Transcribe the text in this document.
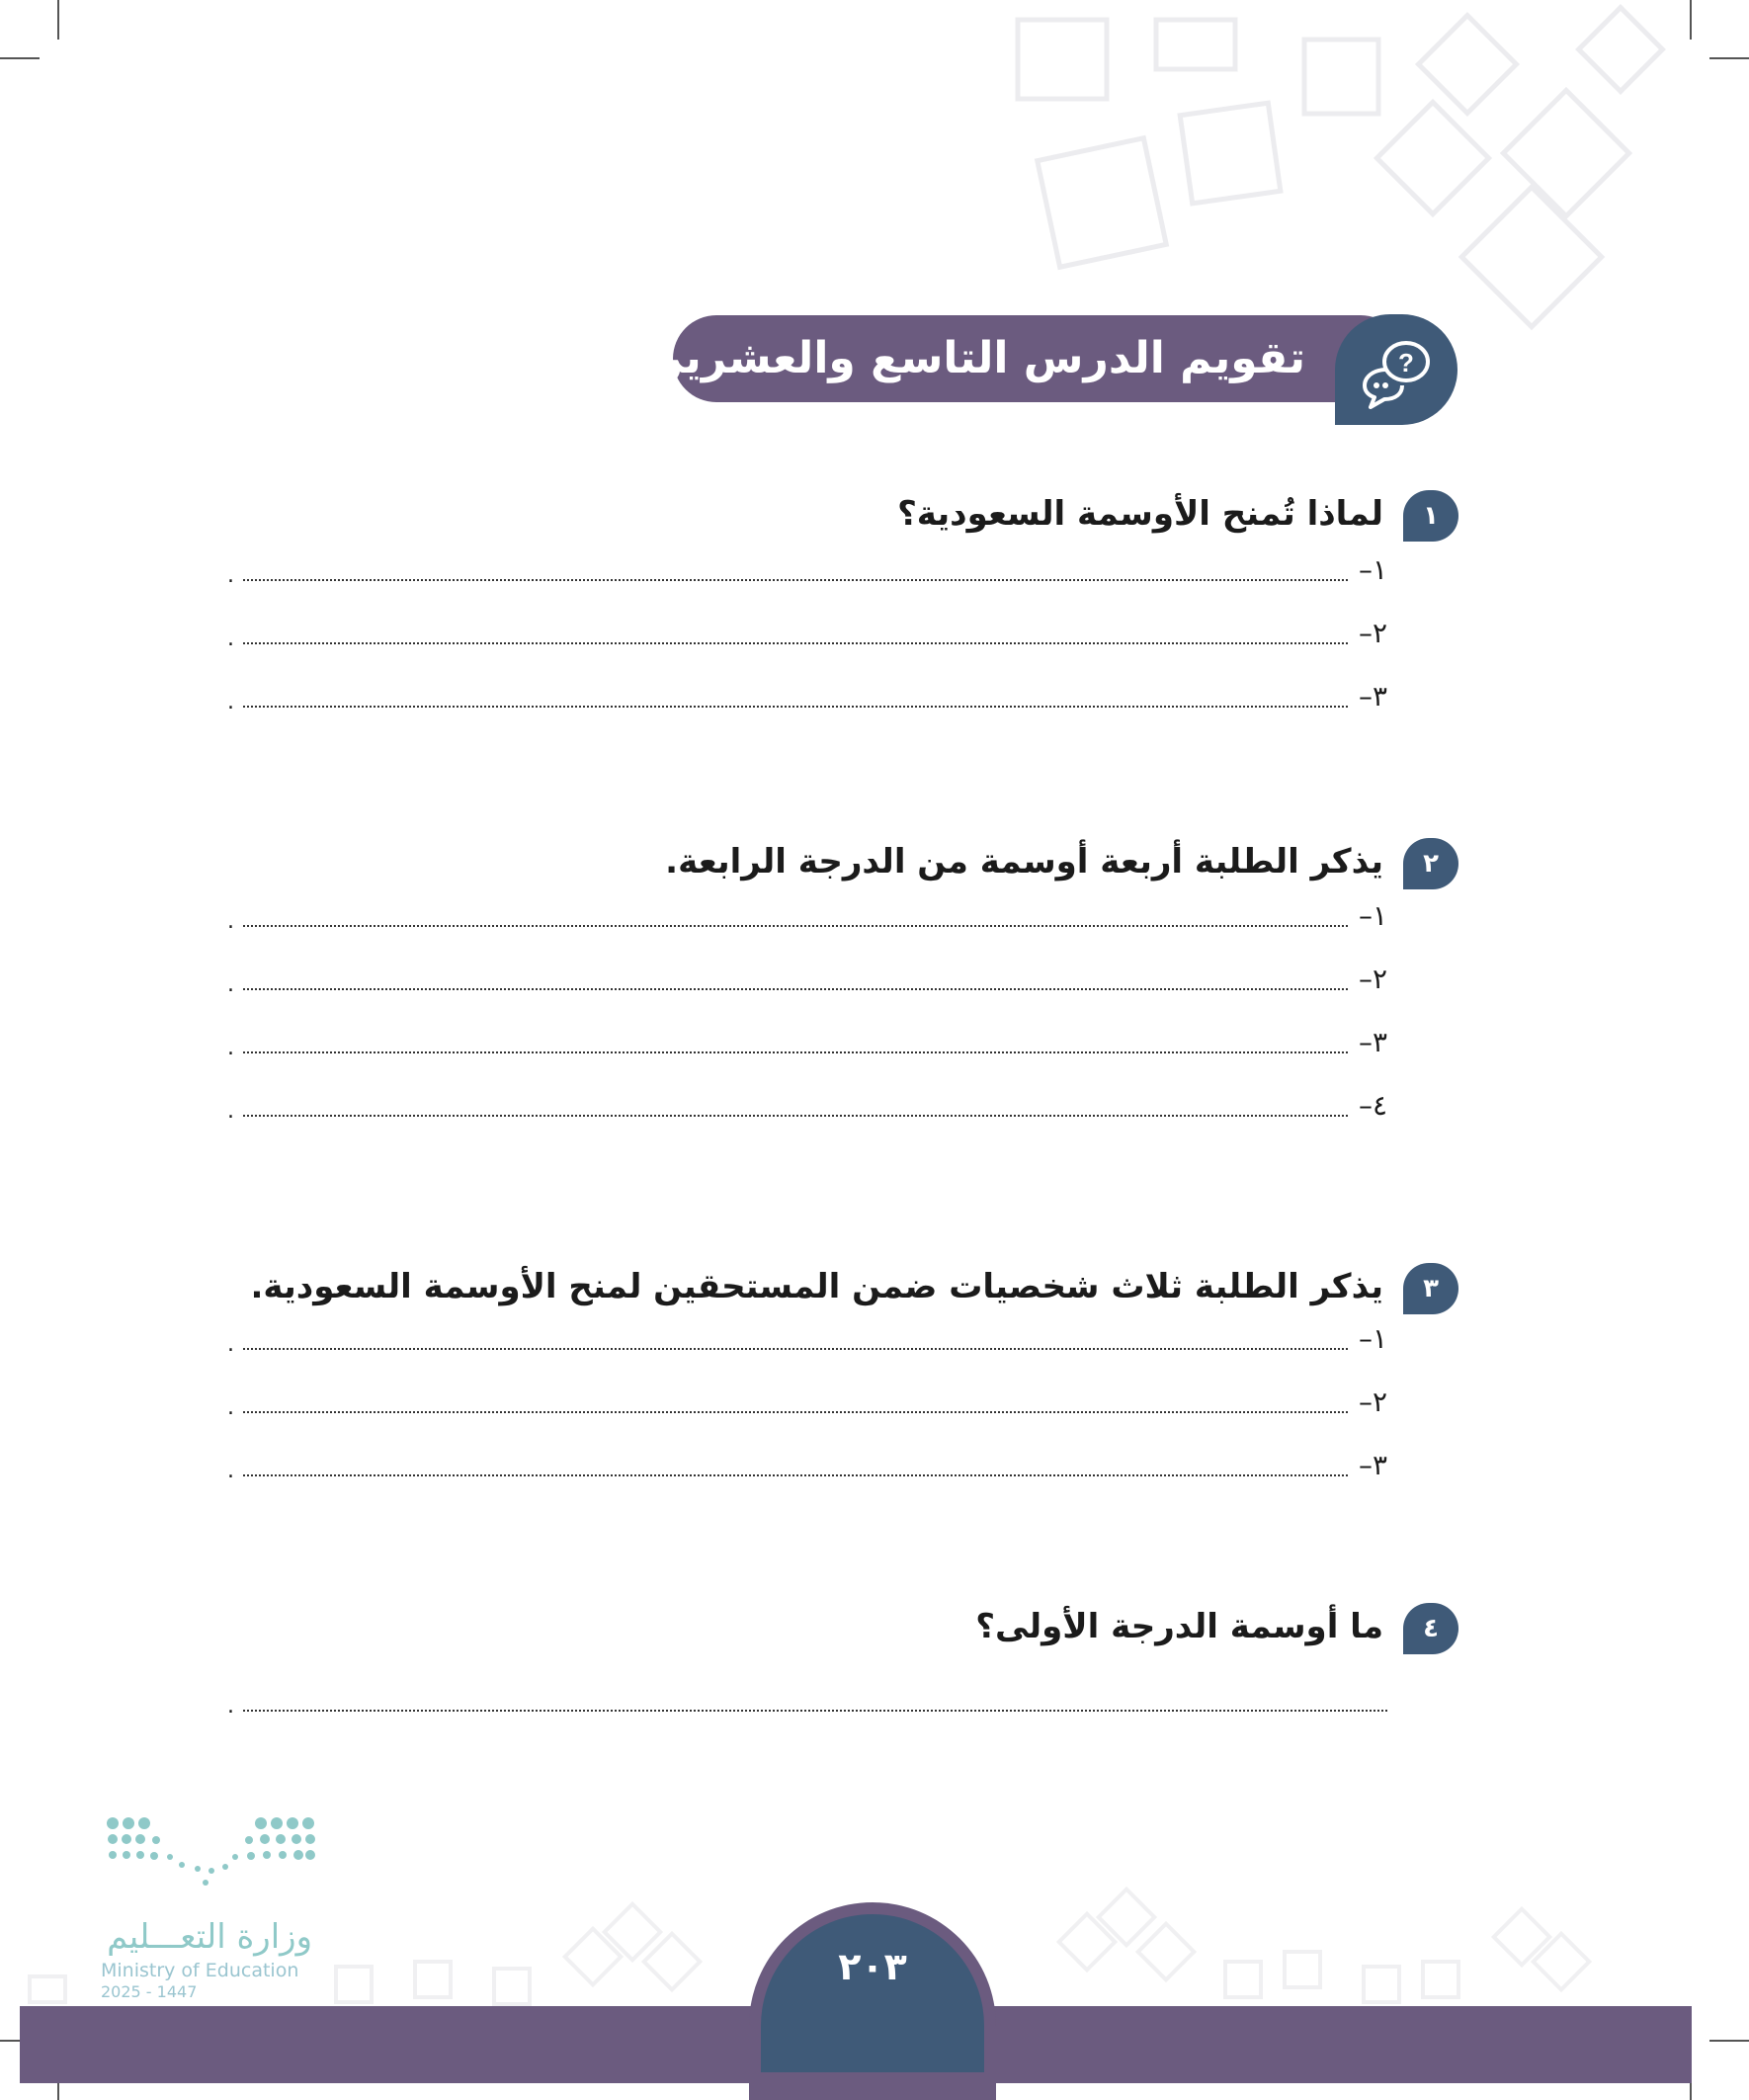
تقويم الدرس التاسع والعشرين	?
١
لماذا تُمنح الأوسمة السعودية؟
.	١–
.	٢–
.	٣–
٢
يذكر الطلبة أربعة أوسمة من الدرجة الرابعة.
.	١–
.	٢–
.	٣–
.	٤–
٣
يذكر الطلبة ثلاث شخصيات ضمن المستحقين لمنح الأوسمة السعودية.
.	١–
.	٢–
.	٣–
٤
ما أوسمة الدرجة الأولى؟
.
٢٠٣
وزارة التعـــليم
Ministry of Education
2025 - 1447
